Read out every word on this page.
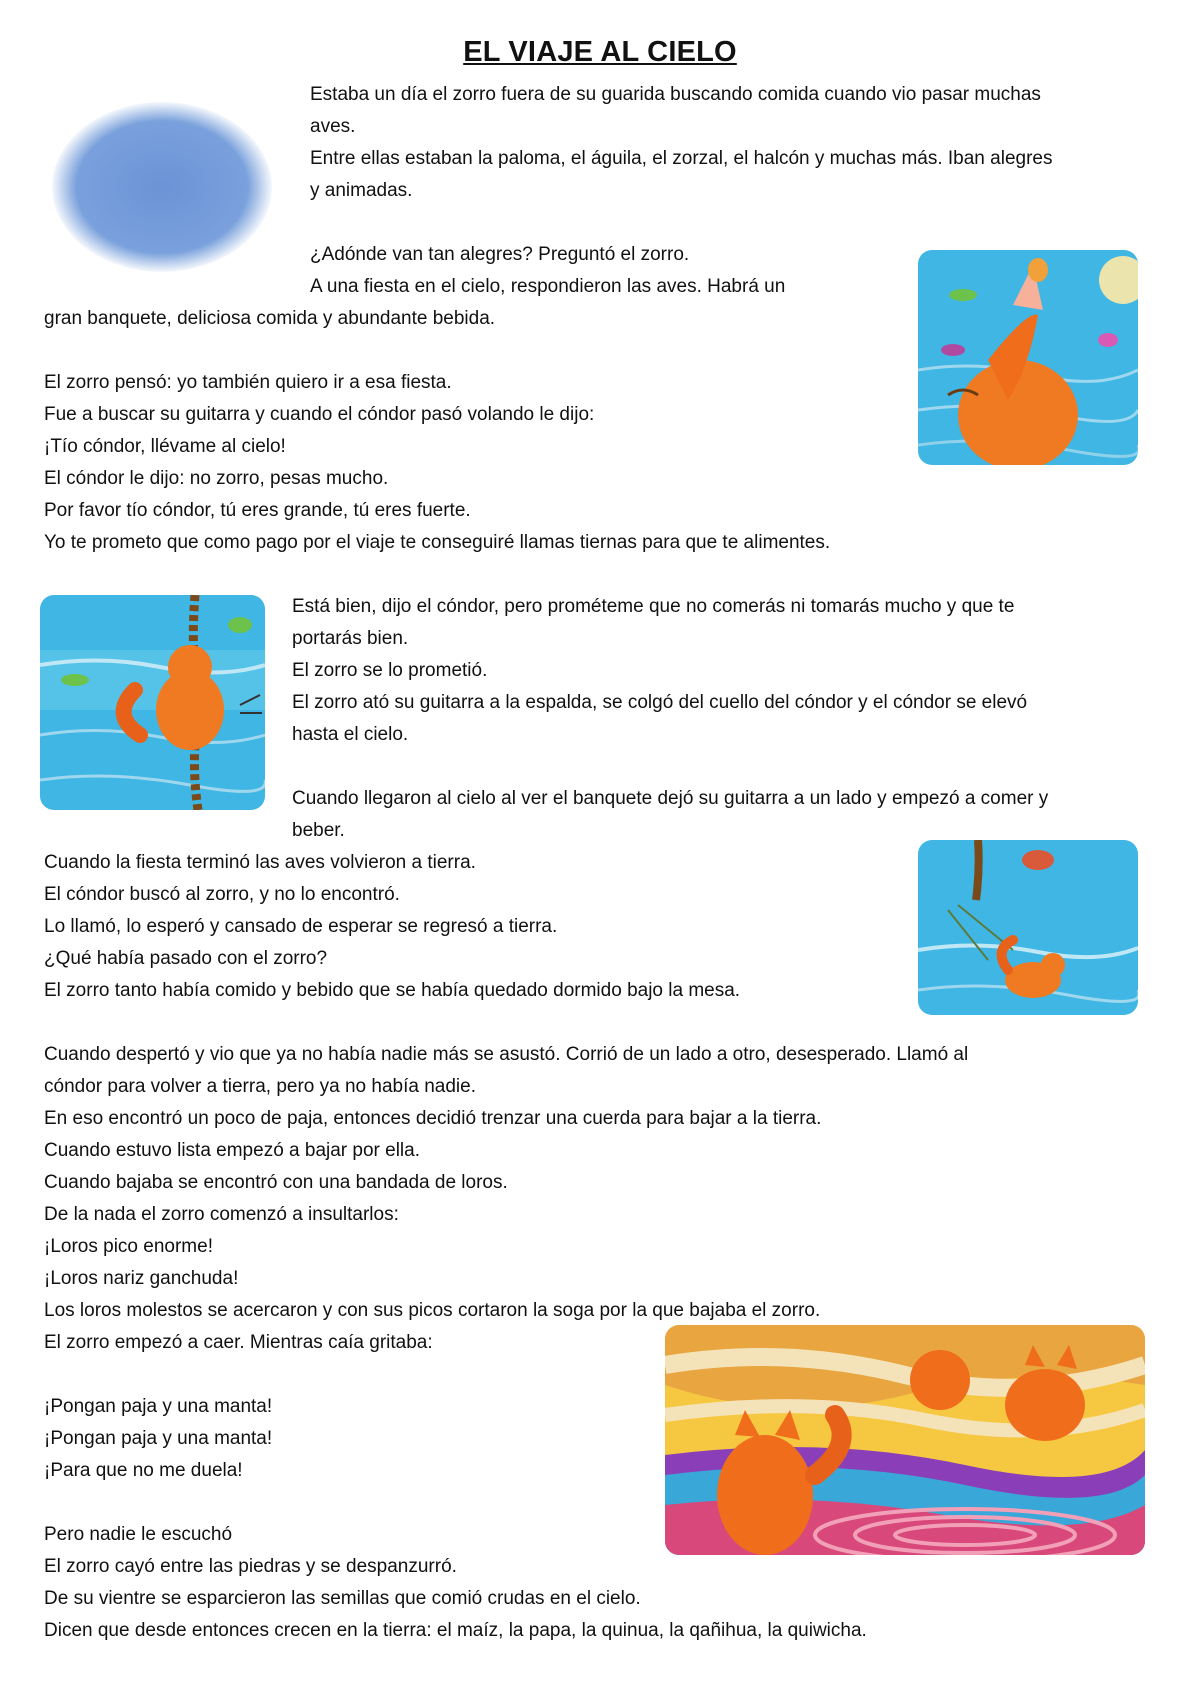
EL VIAJE AL CIELO
Estaba un día el zorro fuera de su guarida buscando comida cuando vio pasar muchas
aves.
Entre ellas estaban la paloma, el águila, el zorzal, el halcón y muchas más. Iban alegres
y animadas.
¿Adónde van tan alegres? Preguntó el zorro.
A una fiesta en el cielo, respondieron las aves. Habrá un
gran banquete, deliciosa comida y abundante bebida.
El zorro pensó: yo también quiero ir a esa fiesta.
Fue a buscar su guitarra y cuando el cóndor pasó volando le dijo:
¡Tío cóndor, llévame al cielo!
El cóndor le dijo: no zorro, pesas mucho.
Por favor tío cóndor, tú eres grande, tú eres fuerte.
Yo te prometo que como pago por el viaje te conseguiré llamas tiernas para que te alimentes.
Está bien, dijo el cóndor, pero prométeme que no comerás ni tomarás mucho y que te
portarás bien.
El zorro se lo prometió.
El zorro ató su guitarra a la espalda, se colgó del cuello del cóndor y el cóndor se elevó
hasta el cielo.
Cuando llegaron al cielo al ver el banquete dejó su guitarra a un lado y empezó a comer y
beber.
Cuando la fiesta terminó las aves volvieron a tierra.
El cóndor buscó al zorro, y no lo encontró.
Lo llamó, lo esperó y cansado de esperar se regresó a tierra.
¿Qué había pasado con el zorro?
El zorro tanto había comido y bebido que se había quedado dormido bajo la mesa.
Cuando despertó y vio que ya no había nadie más se asustó. Corrió de un lado a otro, desesperado. Llamó al
cóndor para volver a tierra, pero ya no había nadie.
En eso encontró un poco de paja, entonces decidió trenzar una cuerda para bajar a la tierra.
Cuando estuvo lista empezó a bajar por ella.
Cuando bajaba se encontró con una bandada de loros.
De la nada el zorro comenzó a insultarlos:
¡Loros pico enorme!
¡Loros nariz ganchuda!
Los loros molestos se acercaron y con sus picos cortaron la soga por la que bajaba el zorro.
El zorro empezó a caer. Mientras caía gritaba:
¡Pongan paja y una manta!
¡Pongan paja y una manta!
¡Para que no me duela!
Pero nadie le escuchó
El zorro cayó entre las piedras y se despanzurró.
De su vientre se esparcieron las semillas que comió crudas en el cielo.
Dicen que desde entonces crecen en la tierra: el maíz, la papa, la quinua, la qañihua, la quiwicha.
